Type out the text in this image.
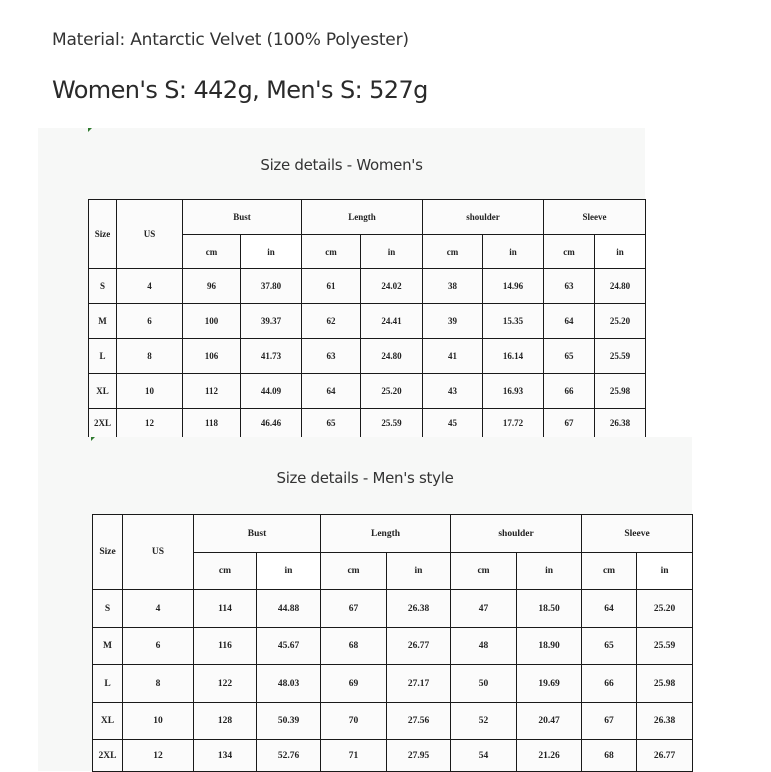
Material: Antarctic Velvet (100% Polyester)
Women's S: 442g, Men's S: 527g
Size details - Women's
Size	US	Bust		Length		shoulder		Sleeve	
		cm	in	cm	in	cm	in	cm	in
S	4	96	37.80	61	24.02	38	14.96	63	24.80
M	6	100	39.37	62	24.41	39	15.35	64	25.20
L	8	106	41.73	63	24.80	41	16.14	65	25.59
XL	10	112	44.09	64	25.20	43	16.93	66	25.98
2XL	12	118	46.46	65	25.59	45	17.72	67	26.38
Size details - Men's style
Size	US	Bust		Length		shoulder		Sleeve	
		cm	in	cm	in	cm	in	cm	in
S	4	114	44.88	67	26.38	47	18.50	64	25.20
M	6	116	45.67	68	26.77	48	18.90	65	25.59
L	8	122	48.03	69	27.17	50	19.69	66	25.98
XL	10	128	50.39	70	27.56	52	20.47	67	26.38
2XL	12	134	52.76	71	27.95	54	21.26	68	26.77
